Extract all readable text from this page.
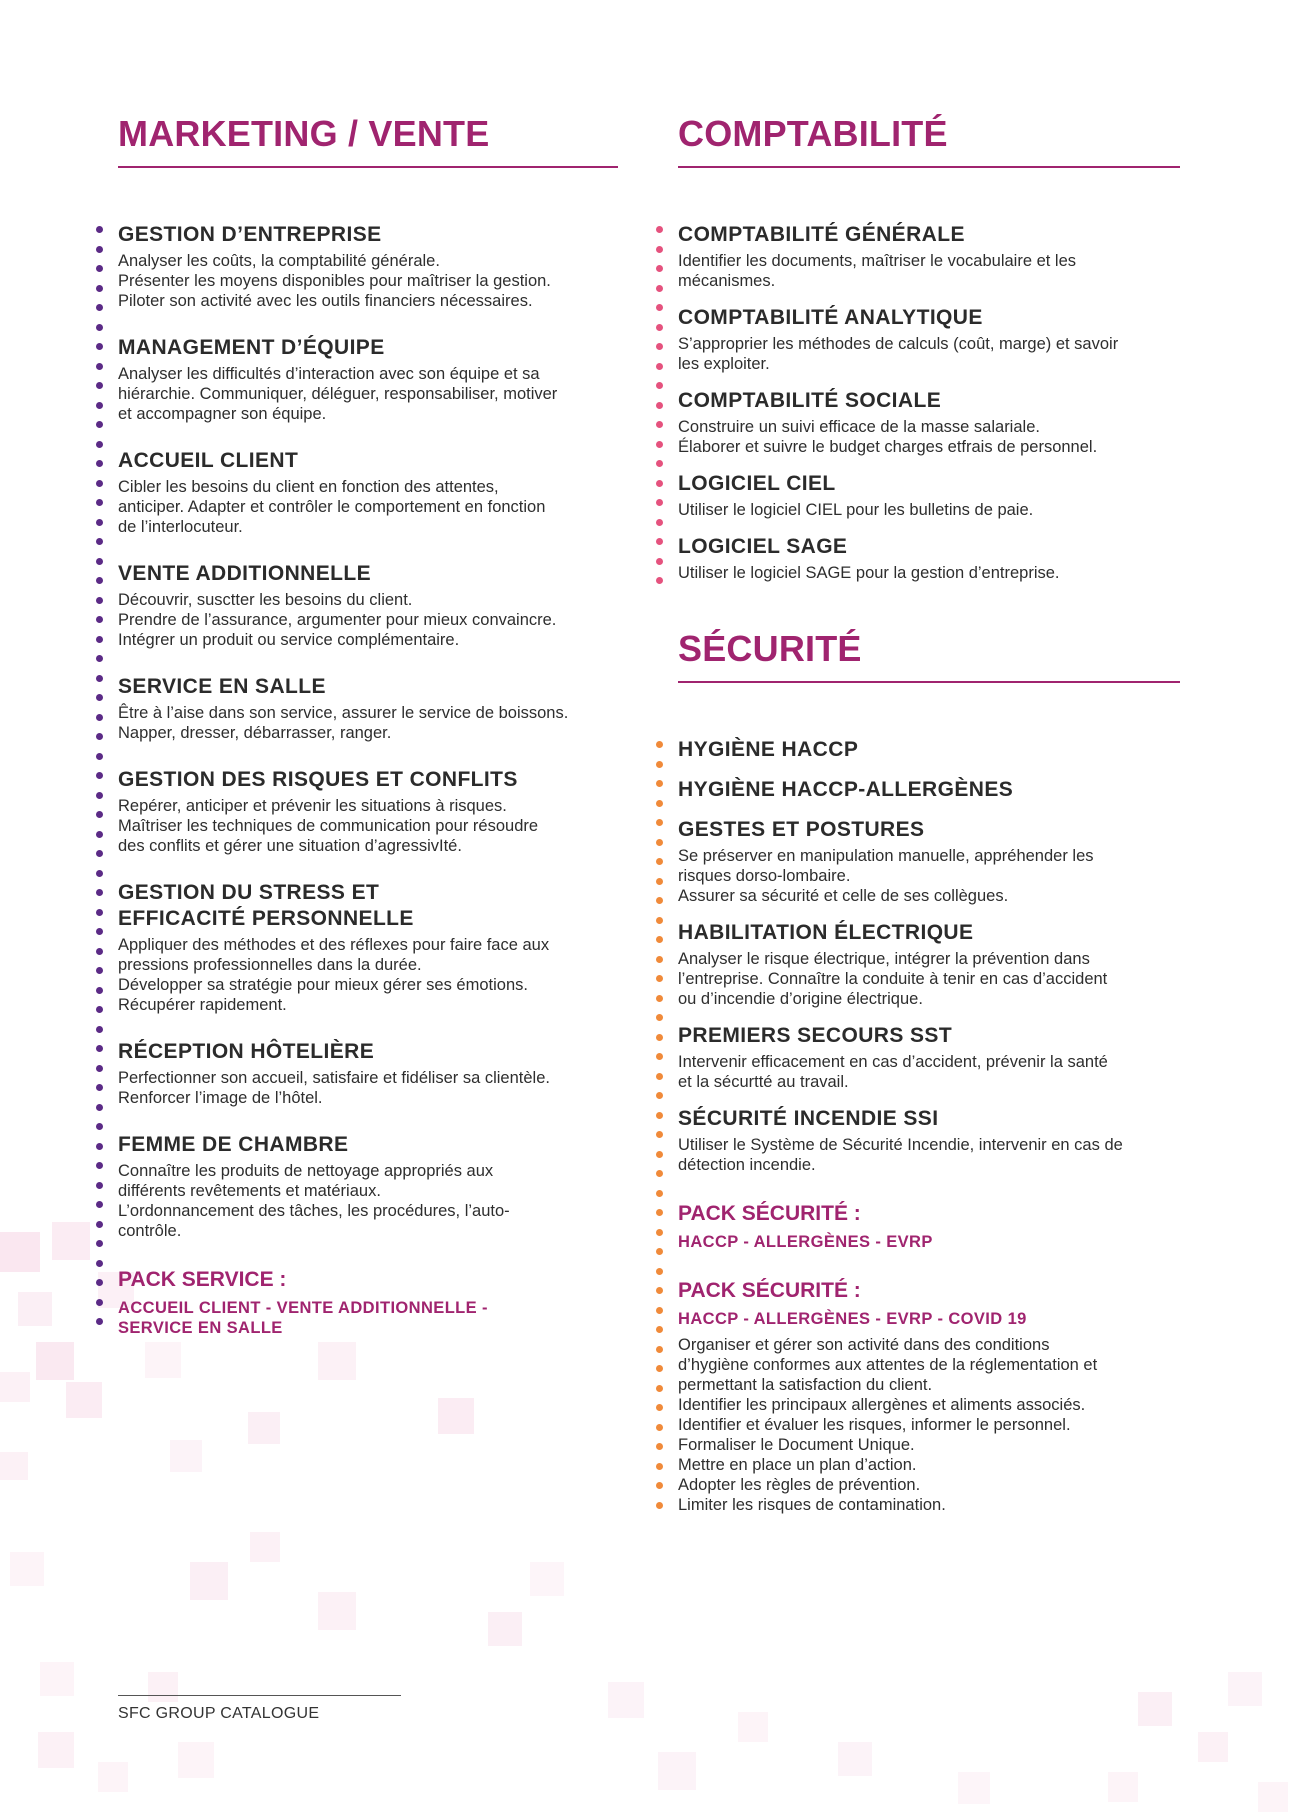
MARKETING / VENTE
GESTION D’ENTREPRISE

Analyser les coûts, la comptabilité générale.
Présenter les moyens disponibles pour maîtriser la gestion.
Piloter son activité avec les outils financiers nécessaires.

MANAGEMENT D’ÉQUIPE

Analyser les difficultés d’interaction avec son équipe et sa
hiérarchie. Communiquer, déléguer, responsabiliser, motiver
et accompagner son équipe.

ACCUEIL CLIENT

Cibler les besoins du client en fonction des attentes,
anticiper. Adapter et contrôler le comportement en fonction
de l’interlocuteur.

VENTE ADDITIONNELLE

Découvrir, susctter les besoins du client.
Prendre de l’assurance, argumenter pour mieux convaincre.
Intégrer un produit ou service complémentaire.

SERVICE EN SALLE

Être à l’aise dans son service, assurer le service de boissons.
Napper, dresser, débarrasser, ranger.

GESTION DES RISQUES ET CONFLITS

Repérer, anticiper et prévenir les situations à risques.
Maîtriser les techniques de communication pour résoudre
des conflits et gérer une situation d’agressivIté.

GESTION DU STRESS ET
EFFICACITÉ PERSONNELLE

Appliquer des méthodes et des réflexes pour faire face aux
pressions professionnelles dans la durée.
Développer sa stratégie pour mieux gérer ses émotions.
Récupérer rapidement.

RÉCEPTION HÔTELIÈRE

Perfectionner son accueil, satisfaire et fidéliser sa clientèle.
Renforcer l’image de l’hôtel.

FEMME DE CHAMBRE

Connaître les produits de nettoyage appropriés aux
différents revêtements et matériaux.
L’ordonnancement des tâches, les procédures, l’auto-
contrôle.

PACK SERVICE :

ACCUEIL CLIENT - VENTE ADDITIONNELLE -
SERVICE EN SALLE

COMPTABILITÉ
COMPTABILITÉ GÉNÉRALE

Identifier les documents, maîtriser le vocabulaire et les
mécanismes.

COMPTABILITÉ ANALYTIQUE

S’approprier les méthodes de calculs (coût, marge) et savoir
les exploiter.

COMPTABILITÉ SOCIALE

Construire un suivi efficace de la masse salariale.
Élaborer et suivre le budget charges etfrais de personnel.

LOGICIEL CIEL

Utiliser le logiciel CIEL pour les bulletins de paie.

LOGICIEL SAGE

Utiliser le logiciel SAGE pour la gestion d’entreprise.

SÉCURITÉ
HYGIÈNE HACCP
HYGIÈNE HACCP-ALLERGÈNES
GESTES ET POSTURES

Se préserver en manipulation manuelle, appréhender les
risques dorso-lombaire.
Assurer sa sécurité et celle de ses collègues.

HABILITATION ÉLECTRIQUE

Analyser le risque électrique, intégrer la prévention dans
l’entreprise. Connaître la conduite à tenir en cas d’accident
ou d’incendie d’origine électrique.

PREMIERS SECOURS SST

Intervenir efficacement en cas d’accident, prévenir la santé
et la sécurtté au travail.

SÉCURITÉ INCENDIE SSI

Utiliser le Système de Sécurité Incendie, intervenir en cas de
détection incendie.

PACK SÉCURITÉ :

HACCP - ALLERGÈNES - EVRP

PACK SÉCURITÉ :

HACCP - ALLERGÈNES - EVRP - COVID 19

Organiser et gérer son activité dans des conditions
d’hygiène conformes aux attentes de la réglementation et
permettant la satisfaction du client.
Identifier les principaux allergènes et aliments associés.
Identifier et évaluer les risques, informer le personnel.
Formaliser le Document Unique.
Mettre en place un plan d’action.
Adopter les règles de prévention.
Limiter les risques de contamination.

SFC GROUP CATALOGUE
